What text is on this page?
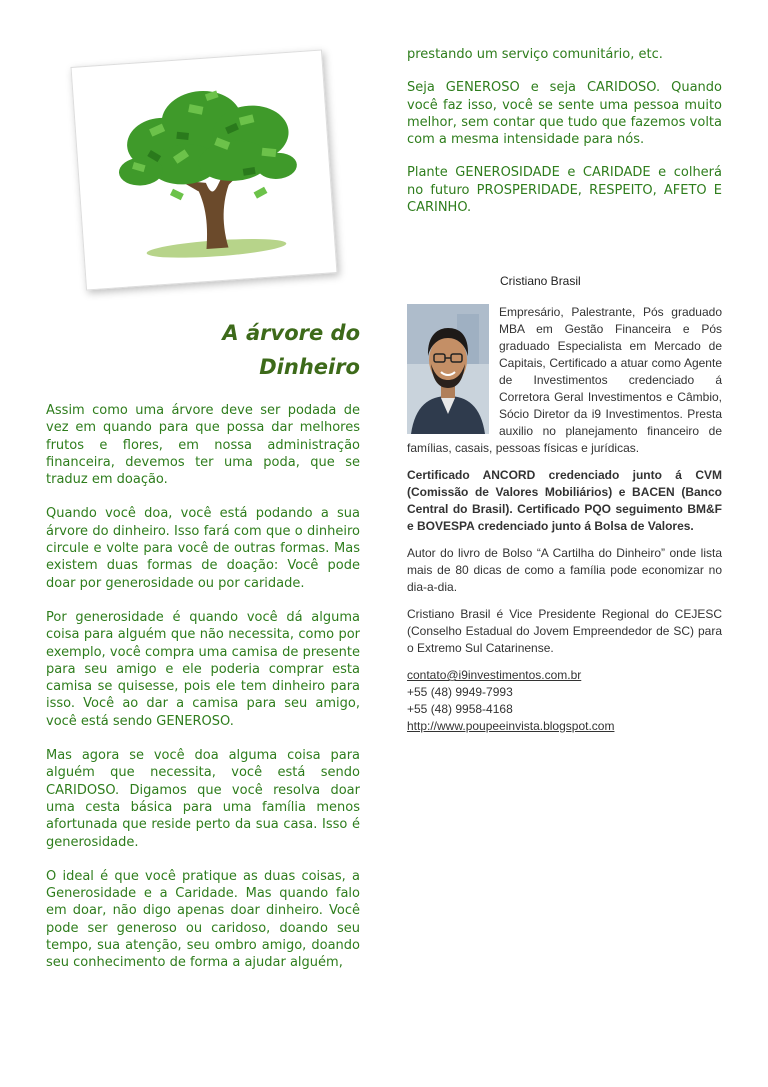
A árvore do
Dinheiro

Assim como uma árvore deve ser podada de vez em quando para que possa dar melhores frutos e flores, em nossa administração financeira, devemos ter uma poda, que se traduz em doação.

Quando você doa, você está podando a sua árvore do dinheiro. Isso fará com que o dinheiro circule e volte para você de outras formas. Mas existem duas formas de doação: Você pode doar por generosidade ou por caridade.

Por generosidade é quando você dá alguma coisa para alguém que não necessita, como por exemplo, você compra uma camisa de presente para seu amigo e ele poderia comprar esta camisa se quisesse, pois ele tem dinheiro para isso. Você ao dar a camisa para seu amigo, você está sendo GENEROSO.

Mas agora se você doa alguma coisa para alguém que necessita, você está sendo CARIDOSO. Digamos que você resolva doar uma cesta básica para uma família menos afortunada que reside perto da sua casa. Isso é generosidade.

O ideal é que você pratique as duas coisas, a Generosidade e a Caridade. Mas quando falo em doar, não digo apenas doar dinheiro. Você pode ser generoso ou caridoso, doando seu tempo, sua atenção, seu ombro amigo, doando seu conhecimento de forma a ajudar alguém,

prestando um serviço comunitário, etc.

Seja GENEROSO e seja CARIDOSO. Quando você faz isso, você se sente uma pessoa muito melhor, sem contar que tudo que fazemos volta com a mesma intensidade para nós.

Plante GENEROSIDADE e CARIDADE e colherá no futuro PROSPERIDADE, RESPEITO, AFETO E CARINHO.

Cristiano Brasil

Empresário, Palestrante, Pós graduado MBA em Gestão Financeira e Pós graduado Especialista em Mercado de Capitais, Certificado a atuar como Agente de Investimentos credenciado á Corretora Geral Investimentos e Câmbio, Sócio Diretor da i9 Investimentos. Presta auxilio no planejamento financeiro de famílias, casais, pessoas físicas e jurídicas.

Certificado ANCORD credenciado junto á CVM (Comissão de Valores Mobiliários) e BACEN (Banco Central do Brasil). Certificado PQO seguimento BM&F e BOVESPA credenciado junto á Bolsa de Valores.

Autor do livro de Bolso “A Cartilha do Dinheiro” onde lista mais de 80 dicas de como a família pode economizar no dia-a-dia.

Cristiano Brasil é Vice Presidente Regional do CEJESC (Conselho Estadual do Jovem Empreendedor de SC) para o Extremo Sul Catarinense.

contato@i9investimentos.com.br
+55 (48) 9949-7993
+55 (48) 9958-4168
http://www.poupeeinvista.blogspot.com
